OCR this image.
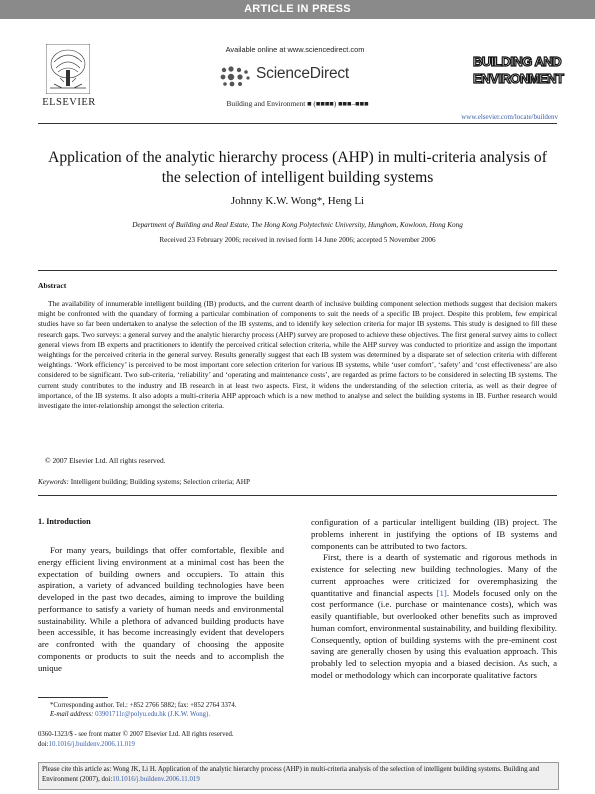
ARTICLE IN PRESS
ELSEVIER
Available online at www.sciencedirect.com
ScienceDirect
Building and Environment ■ (■■■■) ■■■–■■■
BUILDING AND
ENVIRONMENT
www.elsevier.com/locate/buildenv
Application of the analytic hierarchy process (AHP) in multi-criteria analysis of the selection of intelligent building systems
Johnny K.W. Wong*, Heng Li
Department of Building and Real Estate, The Hong Kong Polytechnic University, Hunghom, Kowloon, Hong Kong
Received 23 February 2006; received in revised form 14 June 2006; accepted 5 November 2006
Abstract
The availability of innumerable intelligent building (IB) products, and the current dearth of inclusive building component selection methods suggest that decision makers might be confronted with the quandary of forming a particular combination of components to suit the needs of a specific IB project. Despite this problem, few empirical studies have so far been undertaken to analyse the selection of the IB systems, and to identify key selection criteria for major IB systems. This study is designed to fill these research gaps. Two surveys: a general survey and the analytic hierarchy process (AHP) survey are proposed to achieve these objectives. The first general survey aims to collect general views from IB experts and practitioners to identify the perceived critical selection criteria, while the AHP survey was conducted to prioritize and assign the important weightings for the perceived criteria in the general survey. Results generally suggest that each IB system was determined by a disparate set of selection criteria with different weightings. ‘Work efficiency’ is perceived to be most important core selection criterion for various IB systems, while ‘user comfort’, ‘safety’ and ‘cost effectiveness’ are also considered to be significant. Two sub-criteria, ‘reliability’ and ‘operating and maintenance costs’, are regarded as prime factors to be considered in selecting IB systems. The current study contributes to the industry and IB research in at least two aspects. First, it widens the understanding of the selection criteria, as well as their degree of importance, of the IB systems. It also adopts a multi-criteria AHP approach which is a new method to analyse and select the building systems in IB. Further research would investigate the inter-relationship amongst the selection criteria.
© 2007 Elsevier Ltd. All rights reserved.
Keywords: Intelligent building; Building systems; Selection criteria; AHP
1. Introduction
For many years, buildings that offer comfortable, flexible and energy efficient living environment at a minimal cost has been the expectation of building owners and occupiers. To attain this aspiration, a variety of advanced building technologies have been developed in the past two decades, aiming to improve the building performance to satisfy a variety of human needs and environmental sustainability. While a plethora of advanced building products have been accessible, it has become increasingly evident that developers are confronted with the quandary of choosing the apposite components or products to suit the needs and to accomplish the unique
configuration of a particular intelligent building (IB) project. The problems inherent in justifying the options of IB systems and components can be attributed to two factors.
First, there is a dearth of systematic and rigorous methods in existence for selecting new building technologies. Many of the current approaches were criticized for overemphasizing the quantitative and financial aspects [1]. Models focused only on the cost performance (i.e. purchase or maintenance costs), which was easily quantifiable, but overlooked other benefits such as improved human comfort, environmental sustainability, and building flexibility. Consequently, option of building systems with the pre-eminent cost saving are generally chosen by using this evaluation approach. This probably led to selection myopia and a biased decision. As such, a model or methodology which can incorporate qualitative factors
*Corresponding author. Tel.: +852 2766 5882; fax: +852 2764 3374.
E-mail address: 03901711r@polyu.edu.hk (J.K.W. Wong).
0360-1323/$ - see front matter © 2007 Elsevier Ltd. All rights reserved.
doi:10.1016/j.buildenv.2006.11.019
Please cite this article as: Wong JK, Li H. Application of the analytic hierarchy process (AHP) in multi-criteria analysis of the selection of intelligent building systems. Building and Environment (2007), doi:10.1016/j.buildenv.2006.11.019
